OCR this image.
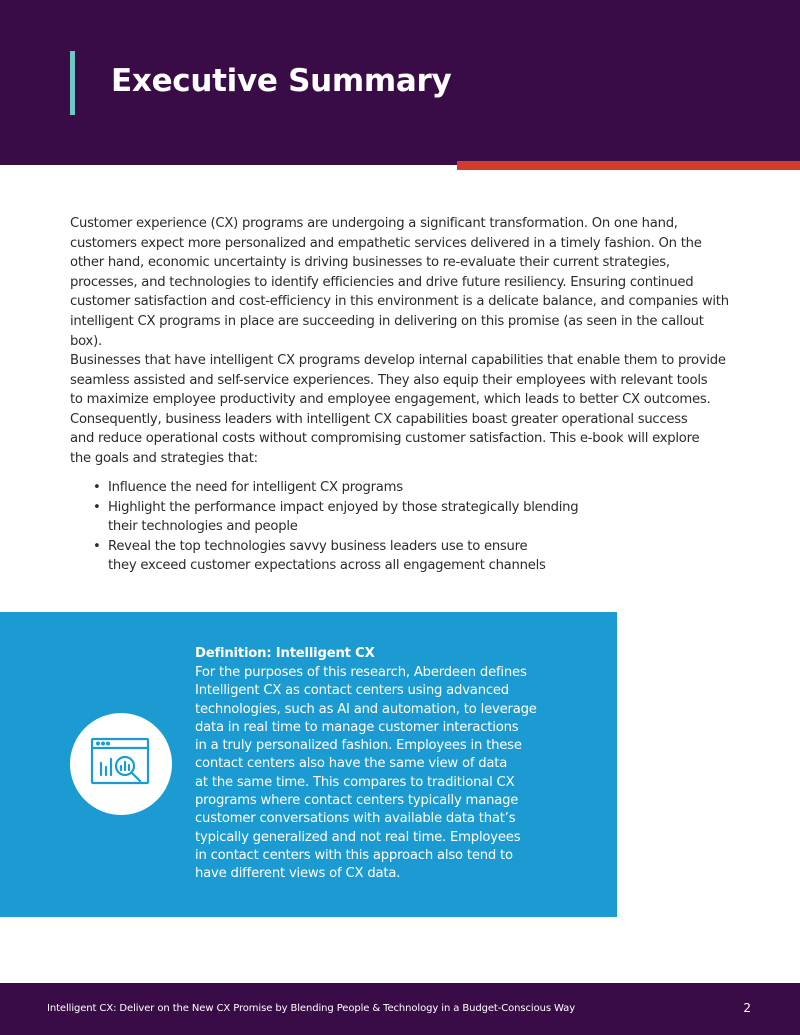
Executive Summary
Customer experience (CX) programs are undergoing a significant transformation. On one hand,
customers expect more personalized and empathetic services delivered in a timely fashion. On the
other hand, economic uncertainty is driving businesses to re-evaluate their current strategies,
processes, and technologies to identify efficiencies and drive future resiliency. Ensuring continued
customer satisfaction and cost-efficiency in this environment is a delicate balance, and companies with
intelligent CX programs in place are succeeding in delivering on this promise (as seen in the callout box).
Businesses that have intelligent CX programs develop internal capabilities that enable them to provide
seamless assisted and self-service experiences. They also equip their employees with relevant tools
to maximize employee productivity and employee engagement, which leads to better CX outcomes.
Consequently, business leaders with intelligent CX capabilities boast greater operational success
and reduce operational costs without compromising customer satisfaction. This e-book will explore
the goals and strategies that:
• Influence the need for intelligent CX programs
• Highlight the performance impact enjoyed by those strategically blending
their technologies and people
• Reveal the top technologies savvy business leaders use to ensure
they exceed customer expectations across all engagement channels
Definition: Intelligent CX
For the purposes of this research, Aberdeen defines
Intelligent CX as contact centers using advanced
technologies, such as AI and automation, to leverage
data in real time to manage customer interactions
in a truly personalized fashion. Employees in these
contact centers also have the same view of data
at the same time. This compares to traditional CX
programs where contact centers typically manage
customer conversations with available data that’s
typically generalized and not real time. Employees
in contact centers with this approach also tend to
have different views of CX data.
Intelligent CX: Deliver on the New CX Promise by Blending People & Technology in a Budget-Conscious Way	2
